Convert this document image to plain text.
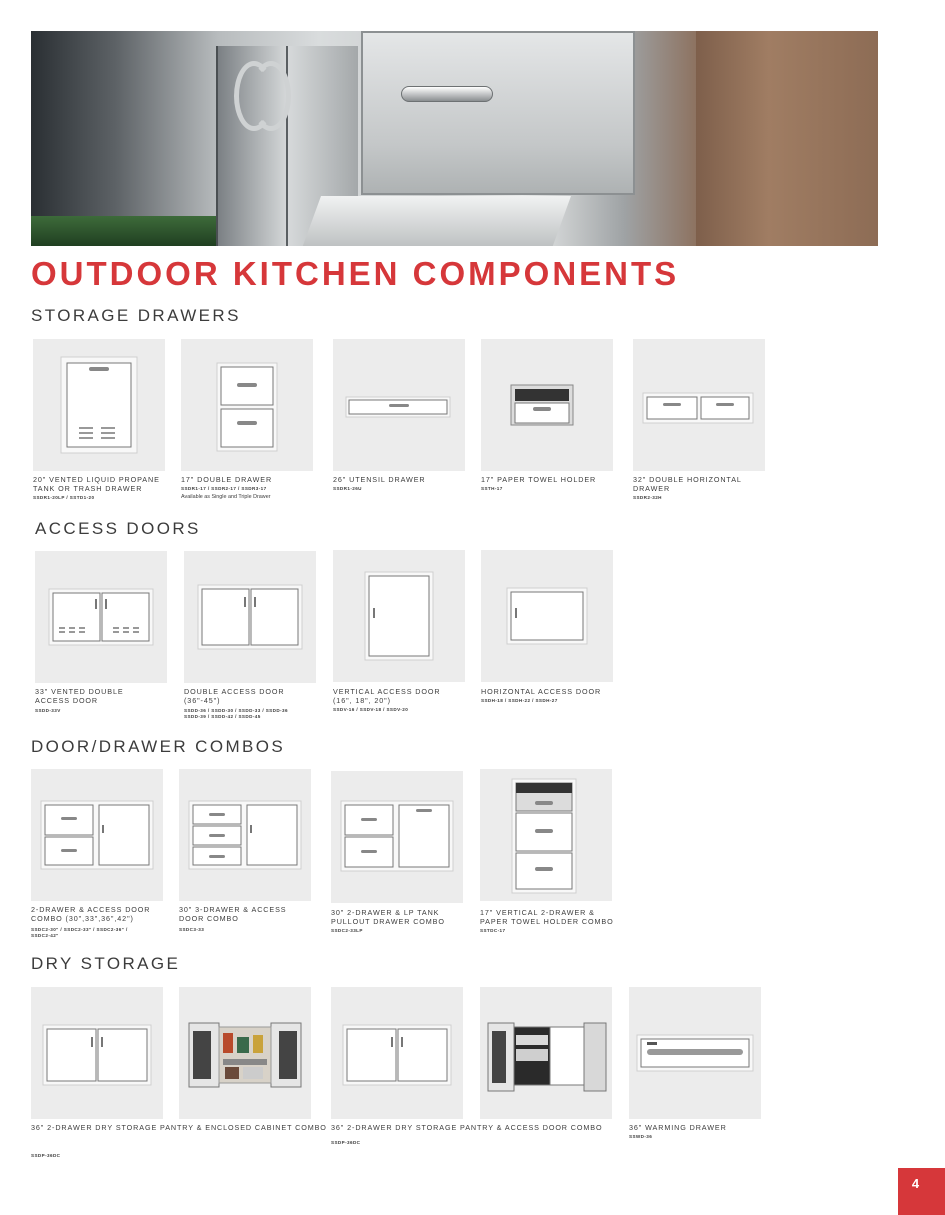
OUTDOOR KITCHEN COMPONENTS
STORAGE DRAWERS
20" VENTED LIQUID PROPANE
TANK OR TRASH DRAWER
SSDR1-20LP / SSTD1-20
17" DOUBLE DRAWER
SSDR1-17 / SSDR2-17 / SSDR3-17
Available as Single and Triple Drawer
26" UTENSIL DRAWER
SSDR1-26U
17" PAPER TOWEL HOLDER
SSTH-17
32" DOUBLE HORIZONTAL
DRAWER
SSDR2-32H
ACCESS DOORS
33" VENTED DOUBLE
ACCESS DOOR
SSDD-33V
DOUBLE ACCESS DOOR
(36"-45")
SSDD-36 / SSDD-30 / SSDD-33 / SSDD-36
SSDD-39 / SSDD-42 / SSDD-45
VERTICAL ACCESS DOOR
(16", 18", 20")
SSDV-16 / SSDV-18 / SSDV-20
HORIZONTAL ACCESS DOOR
SSDH-18 / SSDH-22 / SSDH-27
DOOR/DRAWER COMBOS
2-DRAWER & ACCESS DOOR
COMBO (30",33",36",42")
SSDC2-30" / SSDC2-33" / SSDC2-36" /
SSDC2-42"
30" 3-DRAWER & ACCESS
DOOR COMBO
SSDC3-33
30" 2-DRAWER & LP TANK
PULLOUT DRAWER COMBO
SSDC2-33LP
17" VERTICAL 2-DRAWER &
PAPER TOWEL HOLDER COMBO
SSTDC-17
DRY STORAGE
36" 2-DRAWER DRY STORAGE PANTRY & ENCLOSED CABINET COMBO
SSDP-36DC
36" 2-DRAWER DRY STORAGE PANTRY & ACCESS DOOR COMBO
SSDP-36DC
36" WARMING DRAWER
SSWD-36
4
